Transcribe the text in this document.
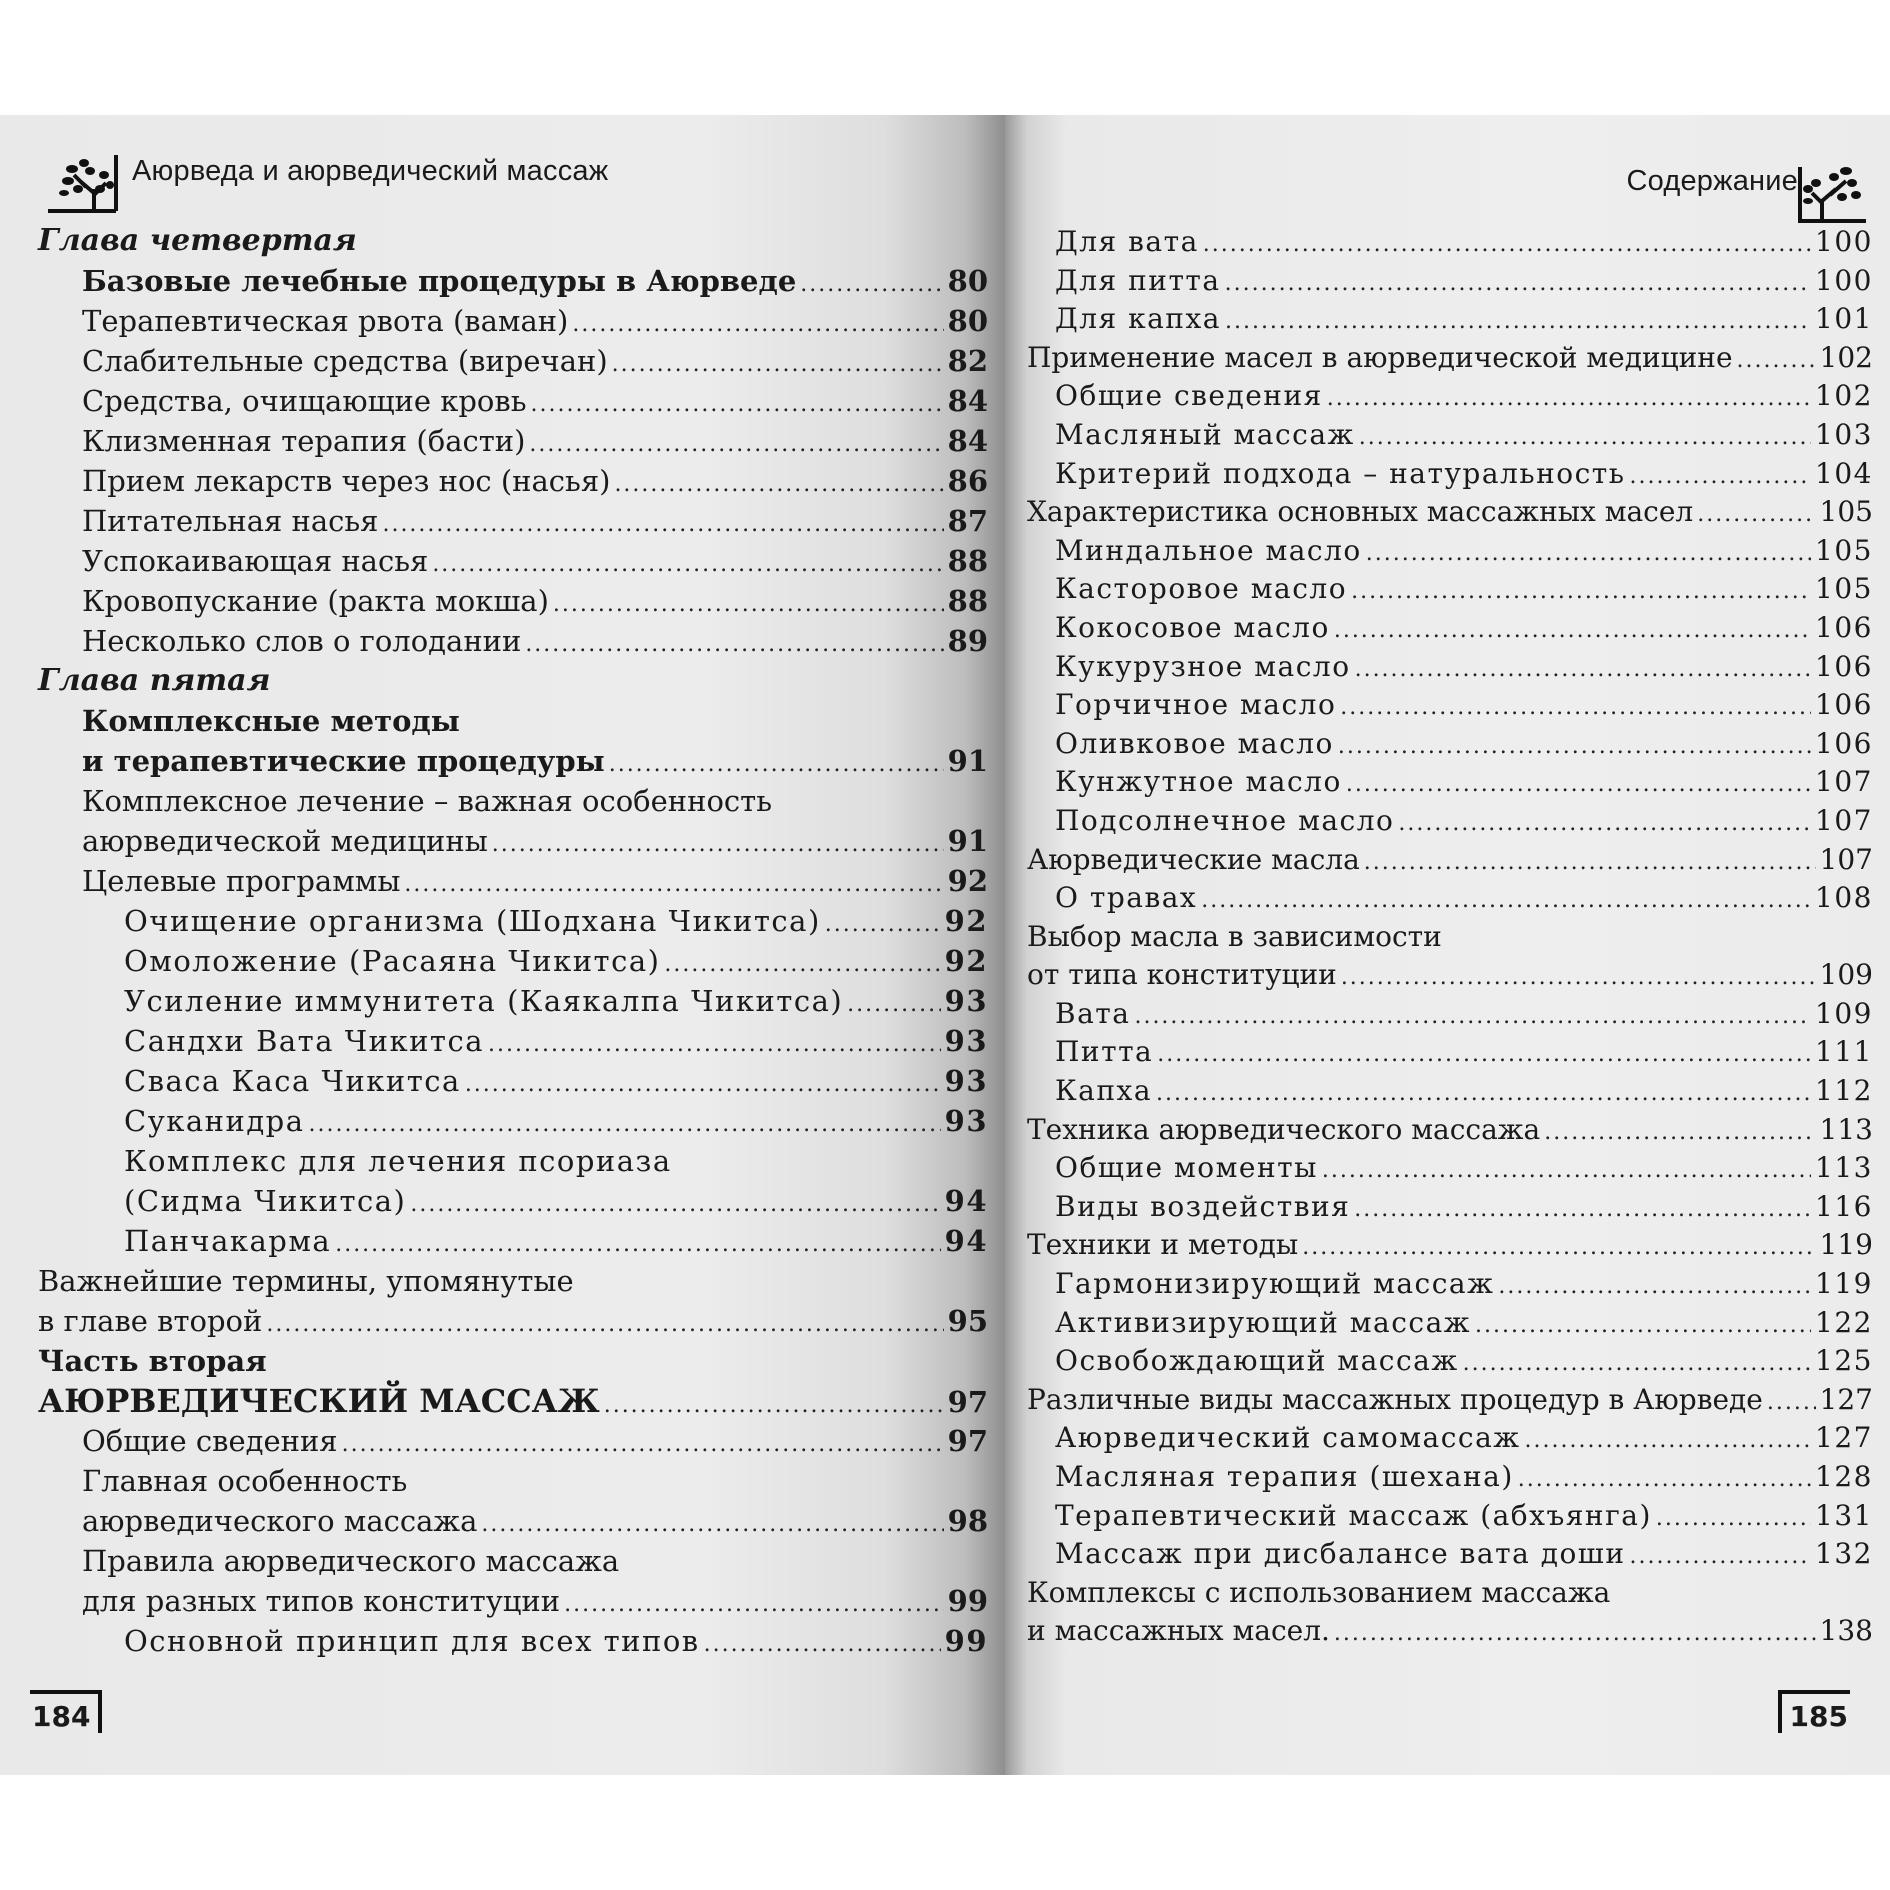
Аюрведа и аюрведический массаж
Глава четвертая
Базовые лечебные процедуры в Аюрведе .....	80
Терапевтическая рвота (ваман) .....	80
Слабительные средства (виречан) .....	82
Средства, очищающие кровь .....	84
Клизменная терапия (басти) .....	84
Прием лекарств через нос (насья) .....	86
Питательная насья .....	87
Успокаивающая насья .....	88
Кровопускание (ракта мокша) .....	88
Несколько слов о голодании .....	89
Глава пятая
Комплексные методы
и терапевтические процедуры .....	91
Комплексное лечение – важная особенность
аюрведической медицины .....	91
Целевые программы .....	92
Очищение организма (Шодхана Чикитса) .....	92
Омоложение (Расаяна Чикитса) .....	92
Усиление иммунитета (Каякалпа Чикитса) .....	93
Сандхи Вата Чикитса .....	93
Сваса Каса Чикитса .....	93
Суканидра .....	93
Комплекс для лечения псориаза
(Сидма Чикитса) .....	94
Панчакарма .....	94
Важнейшие термины, упомянутые
в главе второй .....	95
Часть вторая
АЮРВЕДИЧЕСКИЙ МАССАЖ .....	97
Общие сведения .....	97
Главная особенность
аюрведического массажа .....	98
Правила аюрведического массажа
для разных типов конституции .....	99
Основной принцип для всех типов .....	99
184
Содержание
Для вата .....	100
Для питта .....	100
Для капха .....	101
Применение масел в аюрведической медицине .....	102
Общие сведения .....	102
Масляный массаж .....	103
Критерий подхода – натуральность .....	104
Характеристика основных массажных масел .....	105
Миндальное масло .....	105
Касторовое масло .....	105
Кокосовое масло .....	106
Кукурузное масло .....	106
Горчичное масло .....	106
Оливковое масло .....	106
Кунжутное масло .....	107
Подсолнечное масло .....	107
Аюрведические масла .....	107
О травах .....	108
Выбор масла в зависимости
от типа конституции .....	109
Вата .....	109
Питта .....	111
Капха .....	112
Техника аюрведического массажа .....	113
Общие моменты .....	113
Виды воздействия .....	116
Техники и методы .....	119
Гармонизирующий массаж .....	119
Активизирующий массаж .....	122
Освобождающий массаж .....	125
Различные виды массажных процедур в Аюрведе ..... 127
Аюрведический самомассаж .....	127
Масляная терапия (шехана) .....	128
Терапевтический массаж (абхъянга) .....	131
Массаж при дисбалансе вата доши .....	132
Комплексы с использованием массажа
и массажных масел. .....	138
185
